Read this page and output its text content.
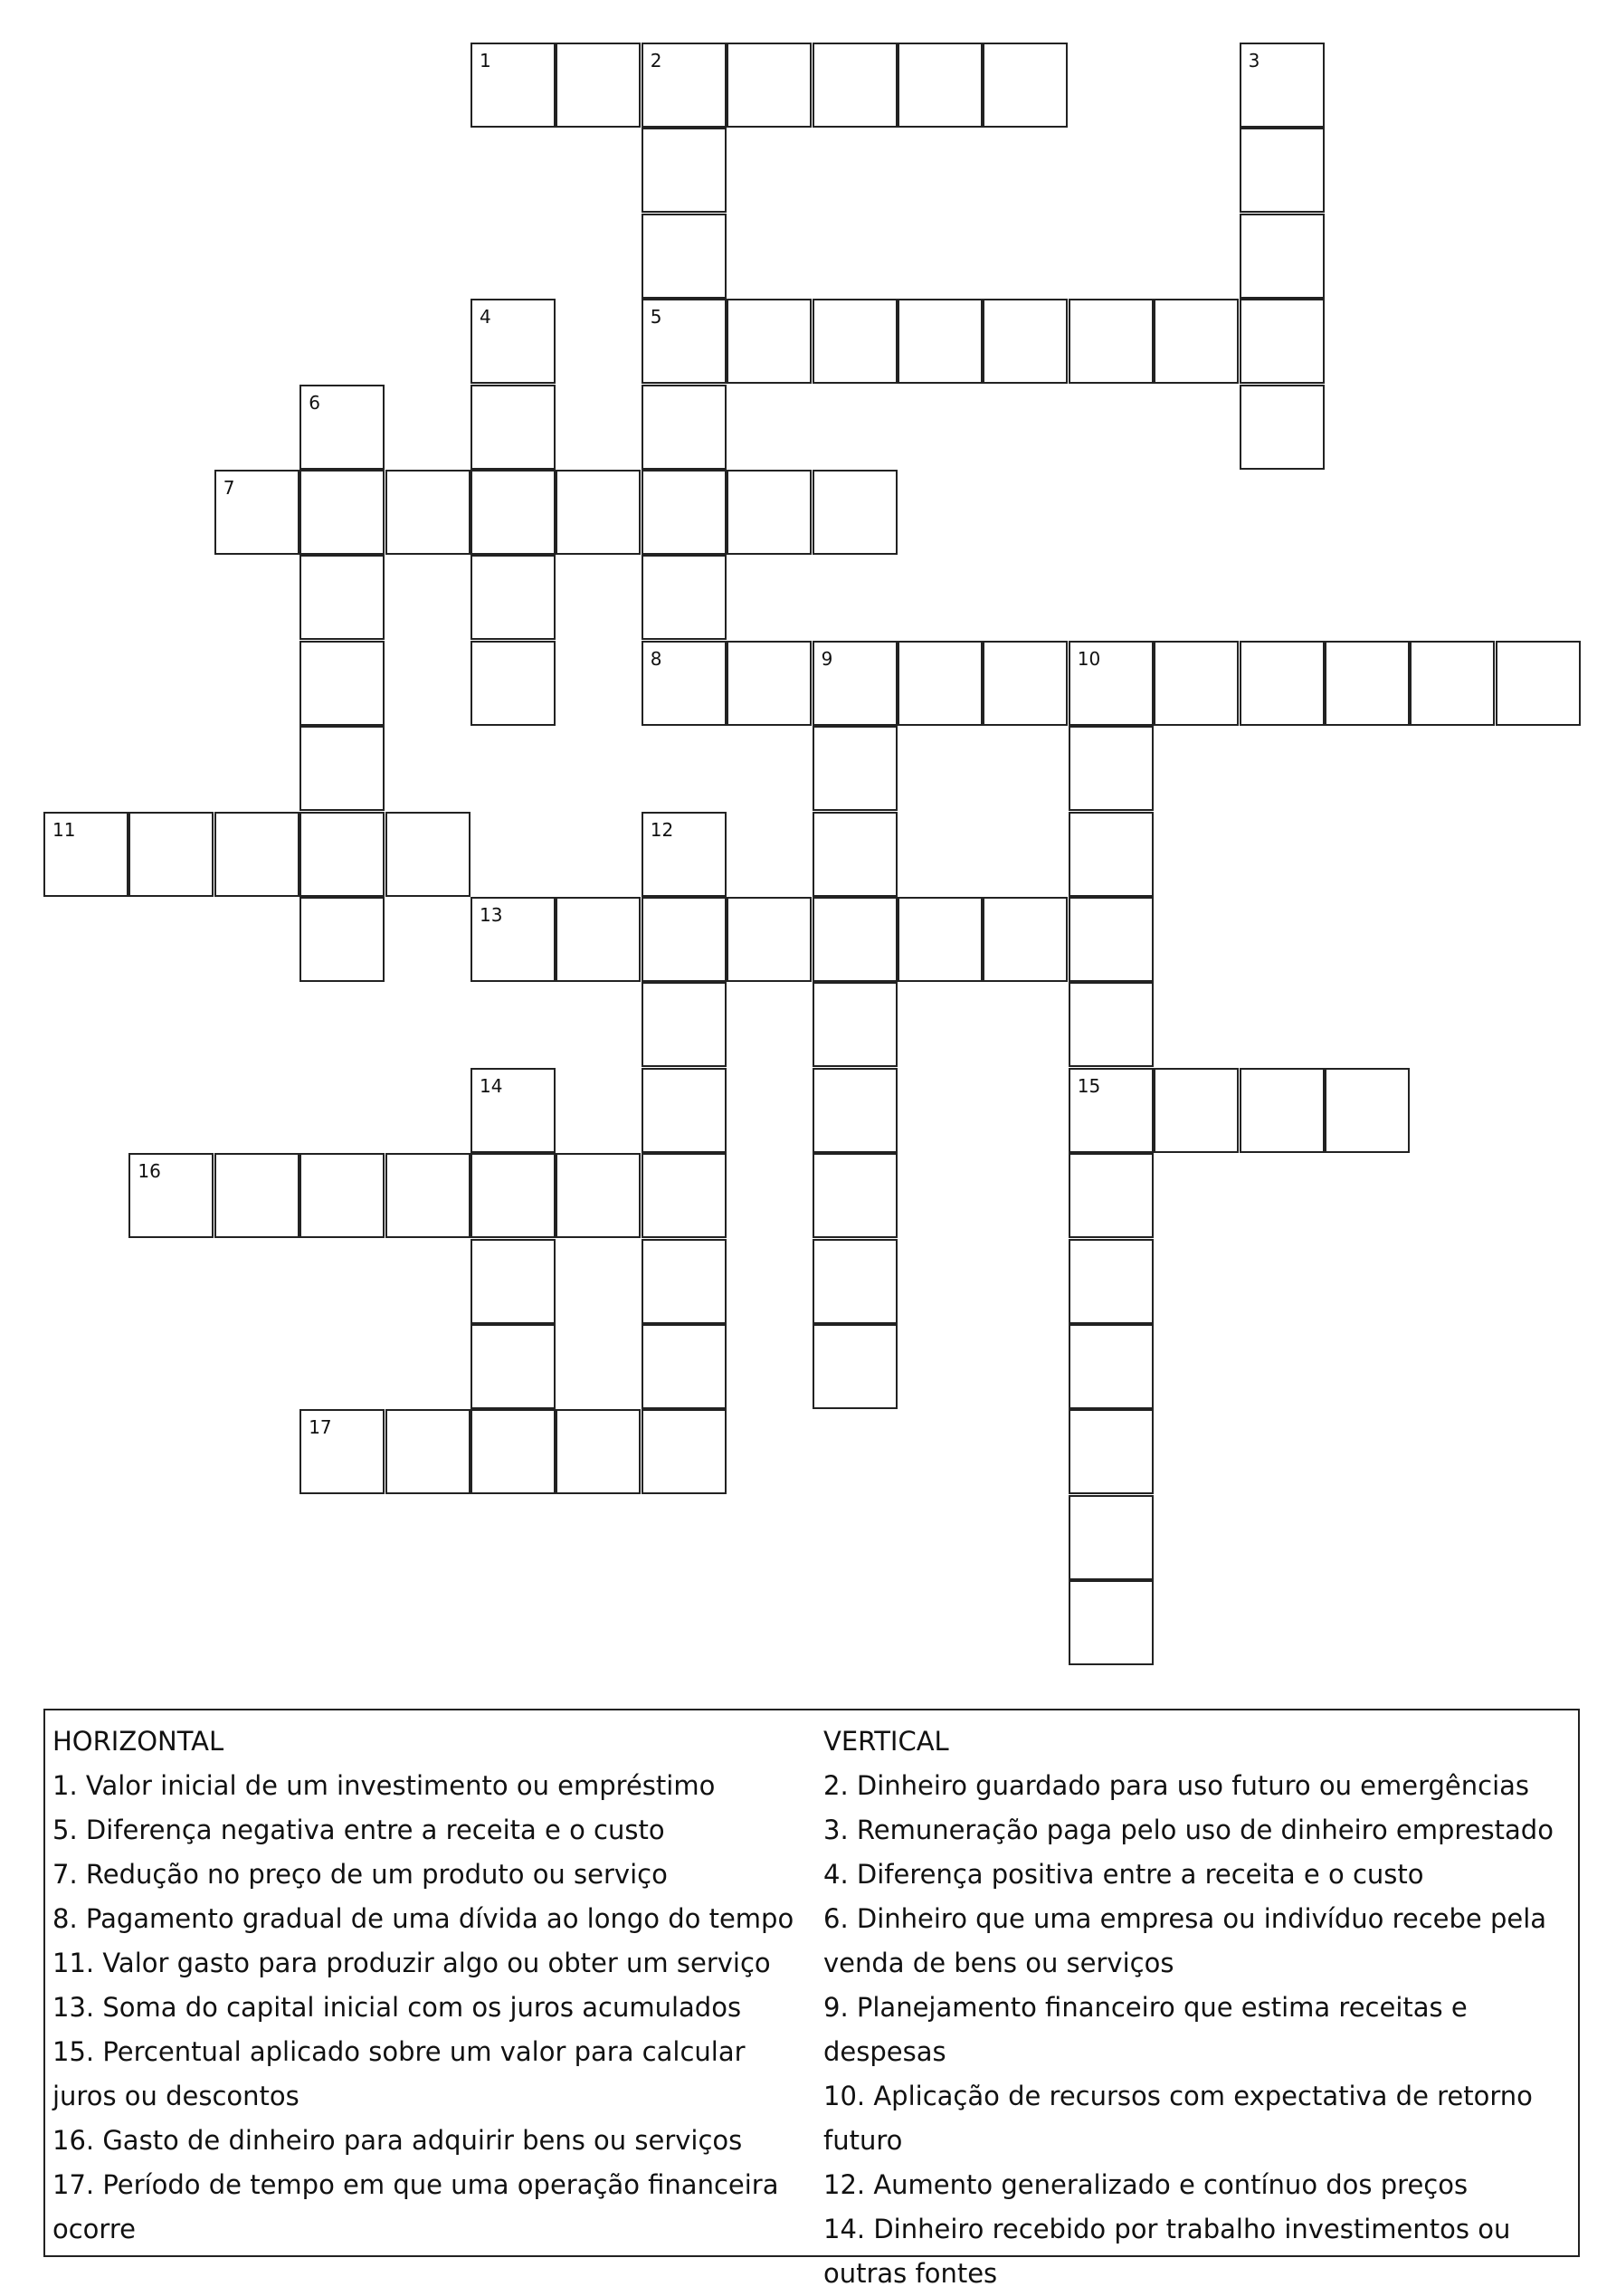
1	2	3
4	5
6
7
8	9	10
11	12
13
14	15
16
17
HORIZONTAL
1. Valor inicial de um investimento ou empréstimo
5. Diferença negativa entre a receita e o custo
7. Redução no preço de um produto ou serviço
8. Pagamento gradual de uma dívida ao longo do tempo
11. Valor gasto para produzir algo ou obter um serviço
13. Soma do capital inicial com os juros acumulados
15. Percentual aplicado sobre um valor para calcular juros ou descontos
16. Gasto de dinheiro para adquirir bens ou serviços
17. Período de tempo em que uma operação financeira ocorre
VERTICAL
2. Dinheiro guardado para uso futuro ou emergências
3. Remuneração paga pelo uso de dinheiro emprestado
4. Diferença positiva entre a receita e o custo
6. Dinheiro que uma empresa ou indivíduo recebe pela venda de bens ou serviços
9. Planejamento financeiro que estima receitas e despesas
10. Aplicação de recursos com expectativa de retorno futuro
12. Aumento generalizado e contínuo dos preços
14. Dinheiro recebido por trabalho investimentos ou outras fontes
